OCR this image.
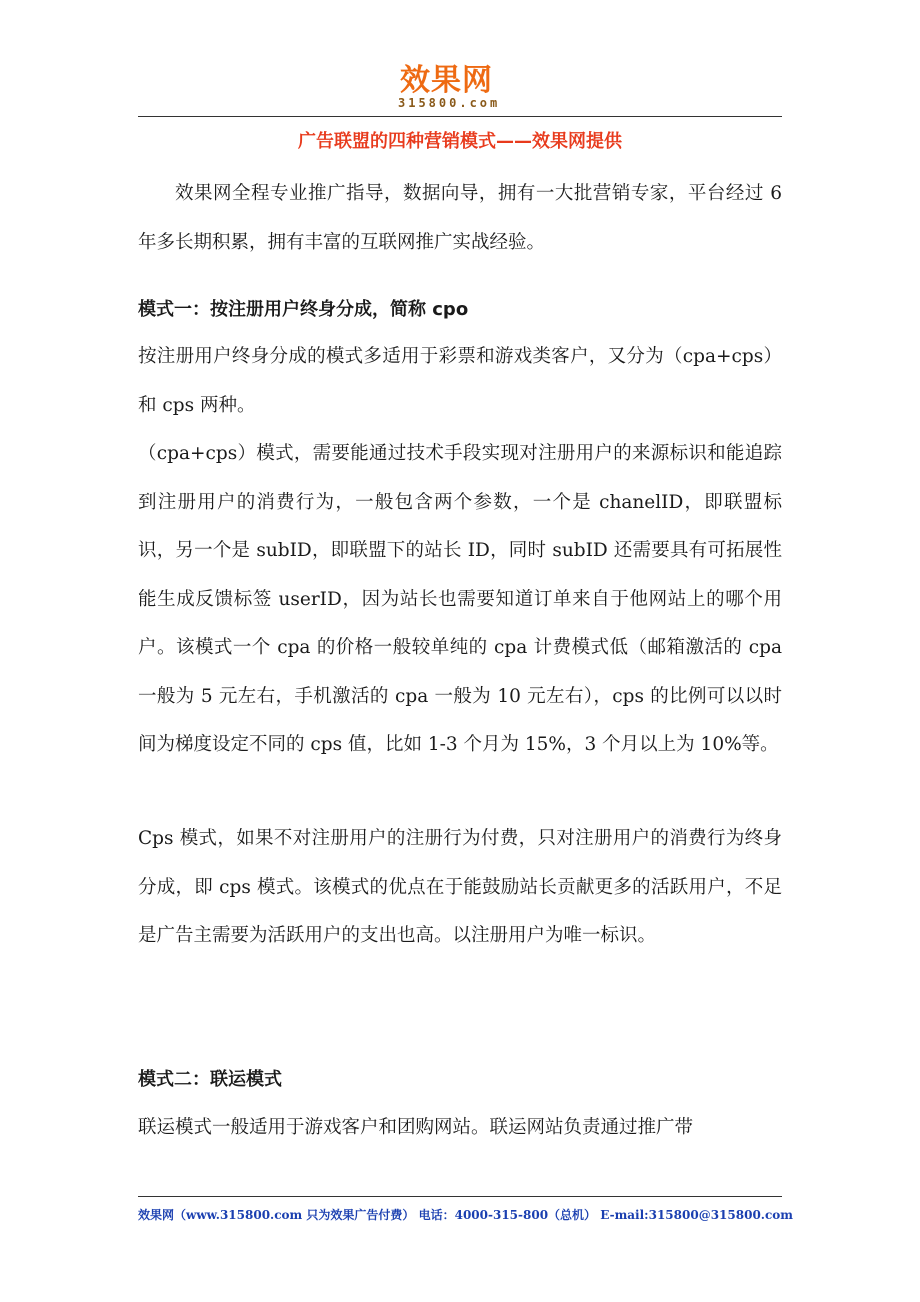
效果网
315800.com
广告联盟的四种营销模式——效果网提供

效果网全程专业推广指导，数据向导，拥有一大批营销专家，平台经过 6 年多长期积累，拥有丰富的互联网推广实战经验。

模式一：按注册用户终身分成，简称 cpo

按注册用户终身分成的模式多适用于彩票和游戏类客户，又分为（cpa+cps）和 cps 两种。

（cpa+cps）模式，需要能通过技术手段实现对注册用户的来源标识和能追踪到注册用户的消费行为，一般包含两个参数，一个是 chanelID，即联盟标识，另一个是 subID，即联盟下的站长 ID，同时 subID 还需要具有可拓展性能生成反馈标签 userID，因为站长也需要知道订单来自于他网站上的哪个用户。该模式一个 cpa 的价格一般较单纯的 cpa 计费模式低（邮箱激活的 cpa 一般为 5 元左右，手机激活的 cpa 一般为 10 元左右），cps 的比例可以以时间为梯度设定不同的 cps 值，比如 1-3 个月为 15%，3 个月以上为 10%等。

Cps 模式，如果不对注册用户的注册行为付费，只对注册用户的消费行为终身分成，即 cps 模式。该模式的优点在于能鼓励站长贡献更多的活跃用户，不足是广告主需要为活跃用户的支出也高。以注册用户为唯一标识。

模式二：联运模式

联运模式一般适用于游戏客户和团购网站。联运网站负责通过推广带

效果网（www.315800.com 只为效果广告付费） 电话：4000-315-800（总机） E-mail:315800@315800.com
